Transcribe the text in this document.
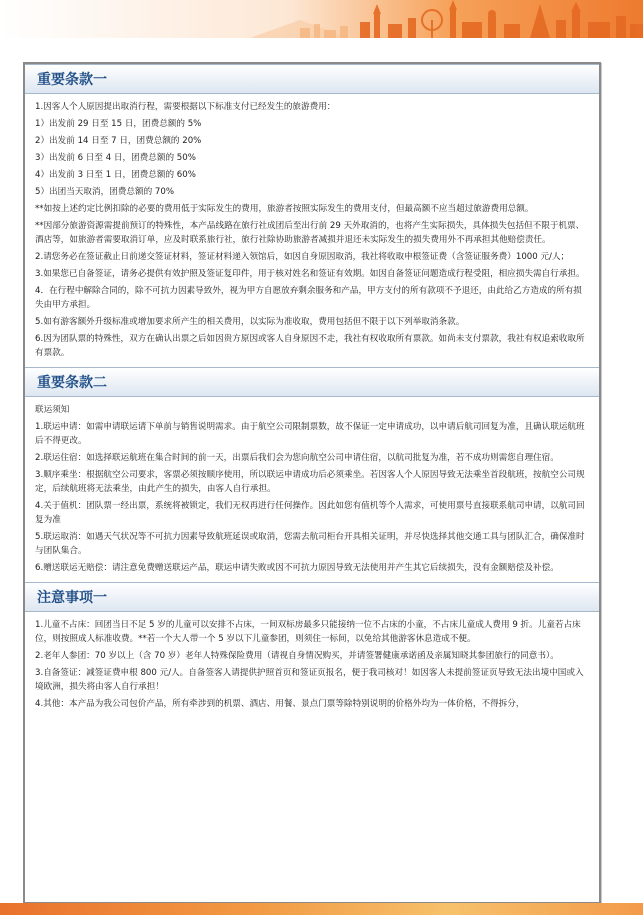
重要条款一

1.因客人个人原因提出取消行程，需要根据以下标准支付已经发生的旅游费用：

1）出发前 29 日至 15 日，团费总额的 5%

2）出发前 14 日至 7 日，团费总额的 20%

3）出发前 6 日至 4 日，团费总额的 50%

4）出发前 3 日至 1 日，团费总额的 60%

5）出团当天取消，团费总额的 70%

**如按上述约定比例扣除的必要的费用低于实际发生的费用，旅游者按照实际发生的费用支付，但最高额不应当超过旅游费用总额。

**因部分旅游资源需提前预订的特殊性，本产品线路在旅行社成团后至出行前 29 天外取消的，也将产生实际损失，具体损失包括但不限于机票、酒店等，如旅游者需要取消订单，应及时联系旅行社，旅行社除协助旅游者减损并退还未实际发生的损失费用外不再承担其他赔偿责任。

2.请您务必在签证截止日前递交签证材料，签证材料递入领馆后，如因自身原因取消，我社将收取申根签证费（含签证服务费）1000 元/人；

3.如果您已自备签证，请务必提供有效护照及签证复印件，用于核对姓名和签证有效期。如因自备签证问题造成行程受阻，相应损失需自行承担。

4．在行程中解除合同的，除不可抗力因素导致外，视为甲方自愿放弃剩余服务和产品，甲方支付的所有款项不予退还，由此给乙方造成的所有损失由甲方承担。

5.如有游客额外升级标准或增加要求所产生的相关费用，以实际为准收取，费用包括但不限于以下列举取消条款。

6.因为团队票的特殊性，双方在确认出票之后如因贵方原因或客人自身原因不走，我社有权收取所有票款。如尚未支付票款，我社有权追索收取所有票款。

重要条款二

联运须知

1.联运申请：如需申请联运请下单前与销售说明需求。由于航空公司限制票数，故不保证一定申请成功，以申请后航司回复为准，且确认联运航班后不得更改。

2.联运住宿：如选择联运航班在集合时间的前一天，出票后我们会为您向航空公司申请住宿，以航司批复为准，若不成功则需您自理住宿。

3.顺序乘坐：根据航空公司要求，客票必须按顺序使用，所以联运申请成功后必须乘坐。若因客人个人原因导致无法乘坐首段航班，按航空公司规定，后续航班将无法乘坐，由此产生的损失，由客人自行承担。

4.关于值机：团队票一经出票，系统将被锁定，我们无权再进行任何操作。因此如您有值机等个人需求，可使用票号直接联系航司申请，以航司回复为准

5.联运取消：如遇天气状况等不可抗力因素导致航班延误或取消，您需去航司柜台开具相关证明，并尽快选择其他交通工具与团队汇合，确保准时与团队集合。

6.赠送联运无赔偿：请注意免费赠送联运产品，联运申请失败或因不可抗力原因导致无法使用并产生其它后续损失，没有金额赔偿及补偿。

注意事项一

1.儿童不占床：回团当日不足 5 岁的儿童可以安排不占床，一间双标房最多只能接纳一位不占床的小童，不占床儿童成人费用 9 折。儿童若占床位，则按照成人标准收费。**若一个大人带一个 5 岁以下儿童参团，则须住一标间，以免给其他游客休息造成不便。

2.老年人参团：70 岁以上（含 70 岁）老年人特殊保险费用（请视自身情况购买，并请签署健康承诺函及亲属知晓其参团旅行的同意书）。

3.自备签证：减签证费申根 800 元/人。自备签客人请提供护照首页和签证页报名，便于我司核对！如因客人未提前签证页导致无法出境中国或入境欧洲，损失将由客人自行承担！

4.其他：本产品为我公司包价产品，所有牵涉到的机票、酒店、用餐、景点门票等除特别说明的价格外均为一体价格，不得拆分，
